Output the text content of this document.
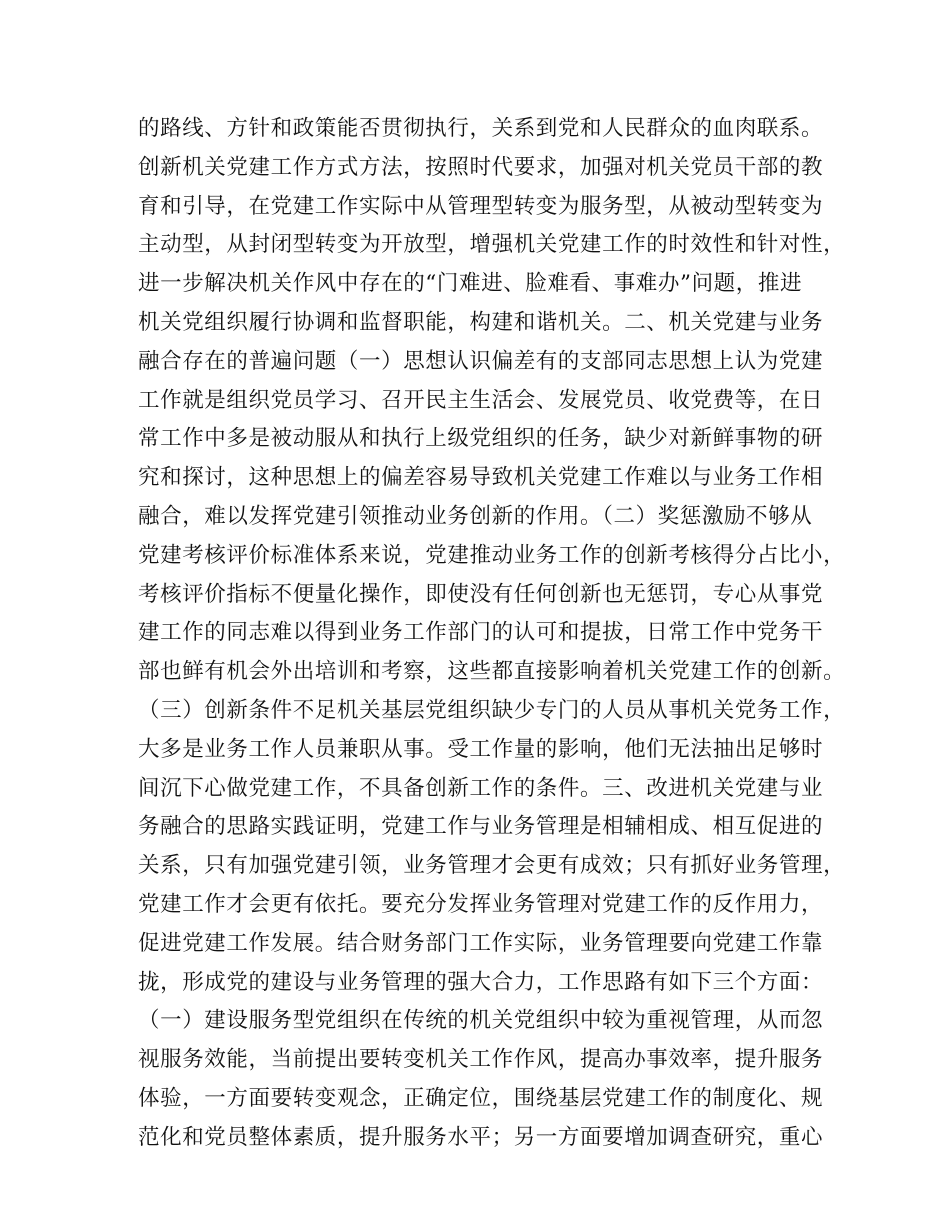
的路线、方针和政策能否贯彻执行，关系到党和人民群众的血肉联系。
创新机关党建工作方式方法，按照时代要求，加强对机关党员干部的教
育和引导，在党建工作实际中从管理型转变为服务型，从被动型转变为
主动型，从封闭型转变为开放型，增强机关党建工作的时效性和针对性，
进一步解决机关作风中存在的“门难进、脸难看、事难办”问题，推进
机关党组织履行协调和监督职能，构建和谐机关。二、机关党建与业务
融合存在的普遍问题（一）思想认识偏差有的支部同志思想上认为党建
工作就是组织党员学习、召开民主生活会、发展党员、收党费等，在日
常工作中多是被动服从和执行上级党组织的任务，缺少对新鲜事物的研
究和探讨，这种思想上的偏差容易导致机关党建工作难以与业务工作相
融合，难以发挥党建引领推动业务创新的作用。（二）奖惩激励不够从
党建考核评价标准体系来说，党建推动业务工作的创新考核得分占比小，
考核评价指标不便量化操作，即使没有任何创新也无惩罚，专心从事党
建工作的同志难以得到业务工作部门的认可和提拔，日常工作中党务干
部也鲜有机会外出培训和考察，这些都直接影响着机关党建工作的创新。
（三）创新条件不足机关基层党组织缺少专门的人员从事机关党务工作，
大多是业务工作人员兼职从事。受工作量的影响，他们无法抽出足够时
间沉下心做党建工作，不具备创新工作的条件。三、改进机关党建与业
务融合的思路实践证明，党建工作与业务管理是相辅相成、相互促进的
关系，只有加强党建引领，业务管理才会更有成效；只有抓好业务管理，
党建工作才会更有依托。要充分发挥业务管理对党建工作的反作用力，
促进党建工作发展。结合财务部门工作实际，业务管理要向党建工作靠
拢，形成党的建设与业务管理的强大合力，工作思路有如下三个方面：
（一）建设服务型党组织在传统的机关党组织中较为重视管理，从而忽
视服务效能，当前提出要转变机关工作作风，提高办事效率，提升服务
体验，一方面要转变观念，正确定位，围绕基层党建工作的制度化、规
范化和党员整体素质，提升服务水平；另一方面要增加调查研究，重心
